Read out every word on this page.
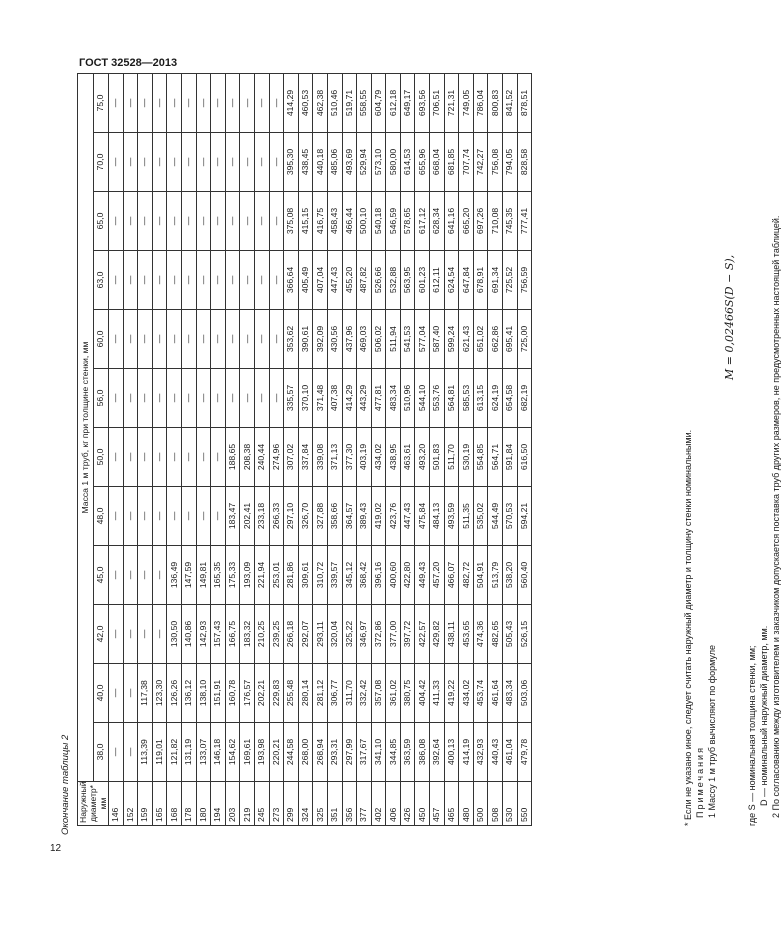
ГОСТ 32528—2013
Окончание таблицы 2 Наружный диаметр* мм	Масса 1 м труб, кг при толщине стенки, мм											
	38,0	40,0	42,0	45,0	48,0	50,0	56,0	60,0	63,0	65,0	70,0	75,0
146	—	—	—	—	—	—	—	—	—	—	—	—
152	—	—	—	—	—	—	—	—	—	—	—	—
159	113,39	117,38	—	—	—	—	—	—	—	—	—	—
165	119,01	123,30	—	—	—	—	—	—	—	—	—	—
168	121,82	126,26	130,50	136,49	—	—	—	—	—	—	—	—
178	131,19	136,12	140,86	147,59	—	—	—	—	—	—	—	—
180	133,07	138,10	142,93	149,81	—	—	—	—	—	—	—	—
194	146,18	151,91	157,43	165,35	—	—	—	—	—	—	—	—
203	154,62	160,78	166,75	175,33	183,47	188,65	—	—	—	—	—	—
219	169,61	176,57	183,32	193,09	202,41	208,38	—	—	—	—	—	—
245	193,98	202,21	210,25	221,94	233,18	240,44	—	—	—	—	—	—
273	220,21	229,83	239,25	253,01	266,33	274,96	—	—	—	—	—	—
299	244,58	255,48	266,18	281,86	297,10	307,02	335,57	353,62	366,64	375,08	395,30	414,29
324	268,00	280,14	292,07	309,61	326,70	337,84	370,10	390,61	405,49	415,15	438,45	460,53
325	268,94	281,12	293,11	310,72	327,88	339,08	371,48	392,09	407,04	416,75	440,18	462,38
351	293,31	306,77	320,04	339,57	358,66	371,13	407,38	430,56	447,43	458,43	485,06	510,46
356	297,99	311,70	325,22	345,12	364,57	377,30	414,29	437,96	455,20	466,44	493,69	519,71
377	317,67	332,42	346,97	368,42	389,43	403,19	443,29	469,03	487,82	500,10	529,94	558,55
402	341,10	357,08	372,86	396,16	419,02	434,02	477,81	506,02	526,66	540,18	573,10	604,79
406	344,85	361,02	377,00	400,60	423,76	438,95	483,34	511,94	532,88	546,59	580,00	612,18
426	363,59	380,75	397,72	422,80	447,43	463,61	510,96	541,53	563,95	578,65	614,53	649,17
450	386,08	404,42	422,57	449,43	475,84	493,20	544,10	577,04	601,23	617,12	655,96	693,56
457	392,64	411,33	429,82	457,20	484,13	501,83	553,76	587,40	612,11	628,34	668,04	706,51
465	400,13	419,22	438,11	466,07	493,59	511,70	564,81	599,24	624,54	641,16	681,85	721,31
480	414,19	434,02	453,65	482,72	511,35	530,19	585,53	621,43	647,84	665,20	707,74	749,05
500	432,93	453,74	474,36	504,91	535,02	554,85	613,15	651,02	678,91	697,26	742,27	786,04
508	440,43	461,64	482,65	513,79	544,49	564,71	624,19	662,86	691,34	710,08	756,08	800,83
530	461,04	483,34	505,43	538,20	570,53	591,84	654,58	695,41	725,52	745,35	794,05	841,52
550	479,78	503,06	526,15	560,40	594,21	616,50	682,19	725,00	756,59	777,41	828,58	878,51
* Если не указано иное, следует считать наружный диаметр и толщину стенки номинальными. Примечания 1 Массу 1 м труб вычисляют по формуле	где S — номинальная толщина стенки, мм; D — номинальный наружный диаметр, мм. 2 По согласованию между изготовителем и заказчиком допускается поставка труб других размеров, не предусмотренных настоящей таблицей.
M = 0,02466S(D − S),
12
